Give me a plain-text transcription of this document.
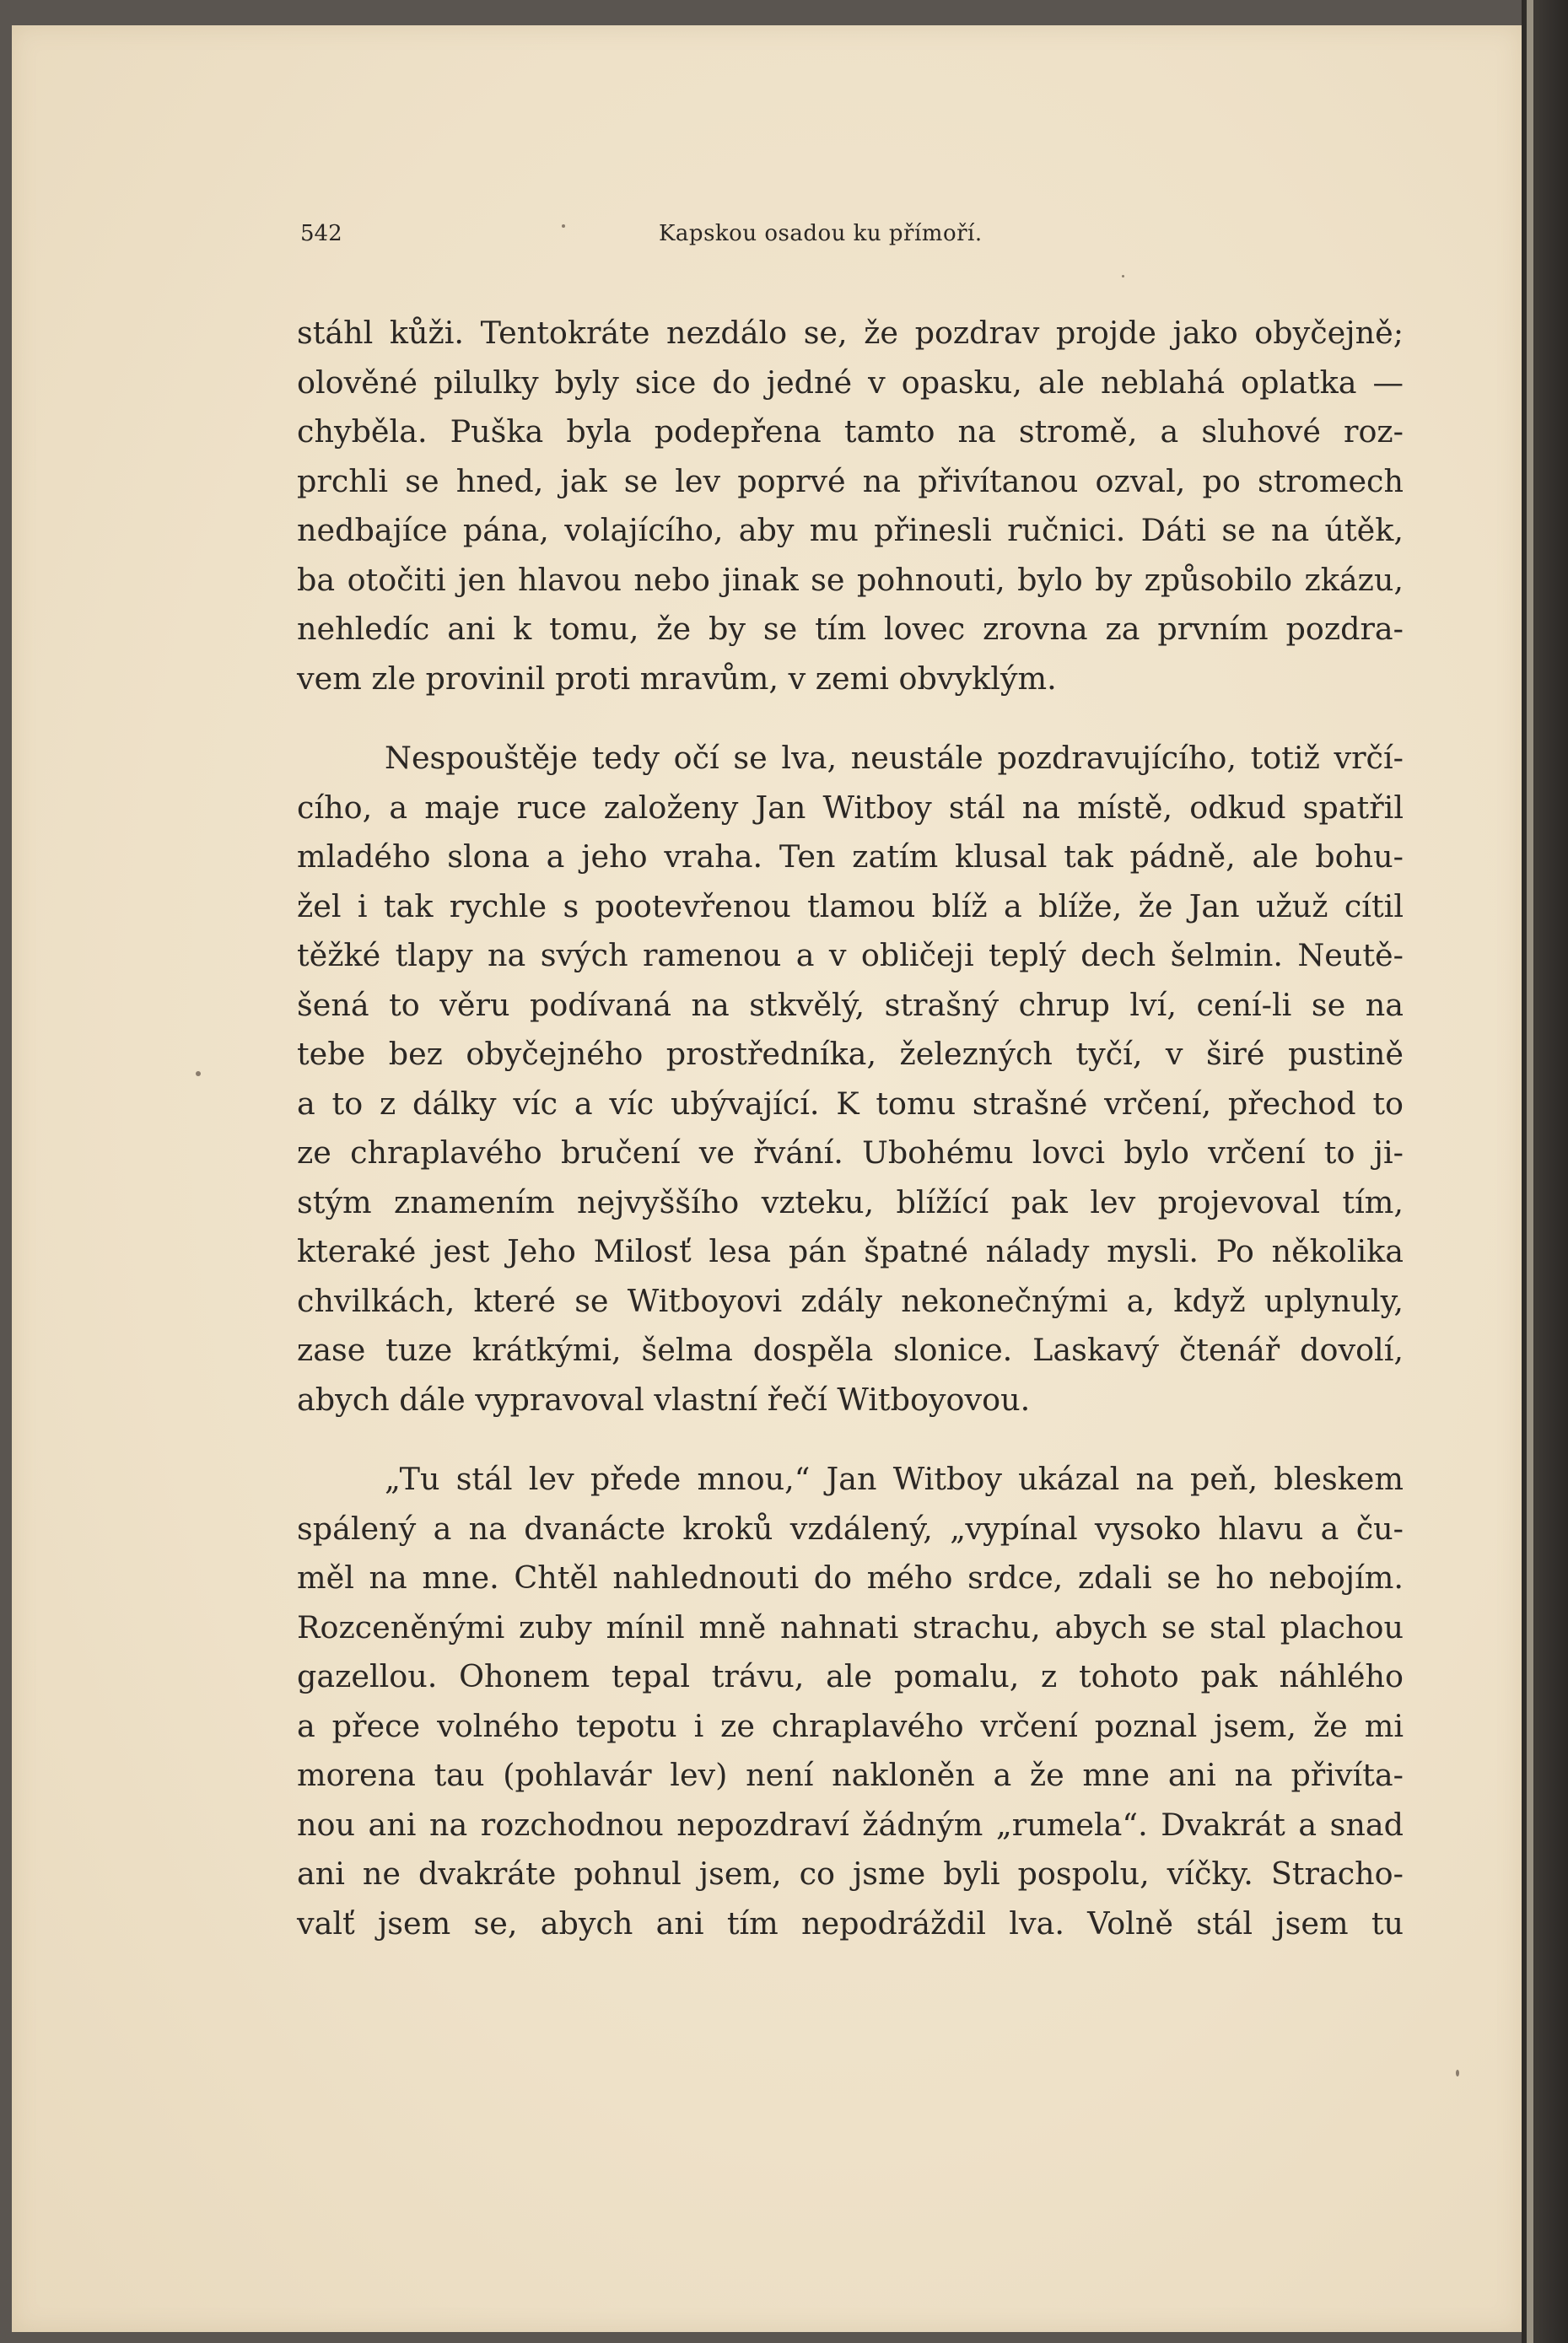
542	Kapskou osadou ku přímoří.
stáhl kůži. Tentokráte nezdálo se, že pozdrav projde jako obyčejně;
olověné pilulky byly sice do jedné v opasku, ale neblahá oplatka —
chyběla. Puška byla podepřena tamto na stromě, a sluhové roz-
prchli se hned, jak se lev poprvé na přivítanou ozval, po stromech
nedbajíce pána, volajícího, aby mu přinesli ručnici. Dáti se na útěk,
ba otočiti jen hlavou nebo jinak se pohnouti, bylo by způsobilo zkázu,
nehledíc ani k tomu, že by se tím lovec zrovna za prvním pozdra-
vem zle provinil proti mravům, v zemi obvyklým.
Nespouštěje tedy očí se lva, neustále pozdravujícího, totiž vrčí-
cího, a maje ruce založeny Jan Witboy stál na místě, odkud spatřil
mladého slona a jeho vraha. Ten zatím klusal tak pádně, ale bohu-
žel i tak rychle s pootevřenou tlamou blíž a blíže, že Jan užuž cítil
těžké tlapy na svých ramenou a v obličeji teplý dech šelmin. Neutě-
šená to věru podívaná na stkvělý, strašný chrup lví, cení-li se na
tebe bez obyčejného prostředníka, železných tyčí, v širé pustině
a to z dálky víc a víc ubývající. K tomu strašné vrčení, přechod to
ze chraplavého bručení ve řvání. Ubohému lovci bylo vrčení to ji-
stým znamením nejvyššího vzteku, blížící pak lev projevoval tím,
kteraké jest Jeho Milosť lesa pán špatné nálady mysli. Po několika
chvilkách, které se Witboyovi zdály nekonečnými a, když uplynuly,
zase tuze krátkými, šelma dospěla slonice. Laskavý čtenář dovolí,
abych dále vypravoval vlastní řečí Witboyovou.
„Tu stál lev přede mnou,“ Jan Witboy ukázal na peň, bleskem
spálený a na dvanácte kroků vzdálený, „vypínal vysoko hlavu a ču-
měl na mne. Chtěl nahlednouti do mého srdce, zdali se ho nebojím.
Rozceněnými zuby mínil mně nahnati strachu, abych se stal plachou
gazellou. Ohonem tepal trávu, ale pomalu, z tohoto pak náhlého
a přece volného tepotu i ze chraplavého vrčení poznal jsem, že mi
morena tau (pohlavár lev) není nakloněn a že mne ani na přivíta-
nou ani na rozchodnou nepozdraví žádným „rumela“. Dvakrát a snad
ani ne dvakráte pohnul jsem, co jsme byli pospolu, víčky. Stracho-
valť jsem se, abych ani tím nepodráždil lva. Volně stál jsem tu
